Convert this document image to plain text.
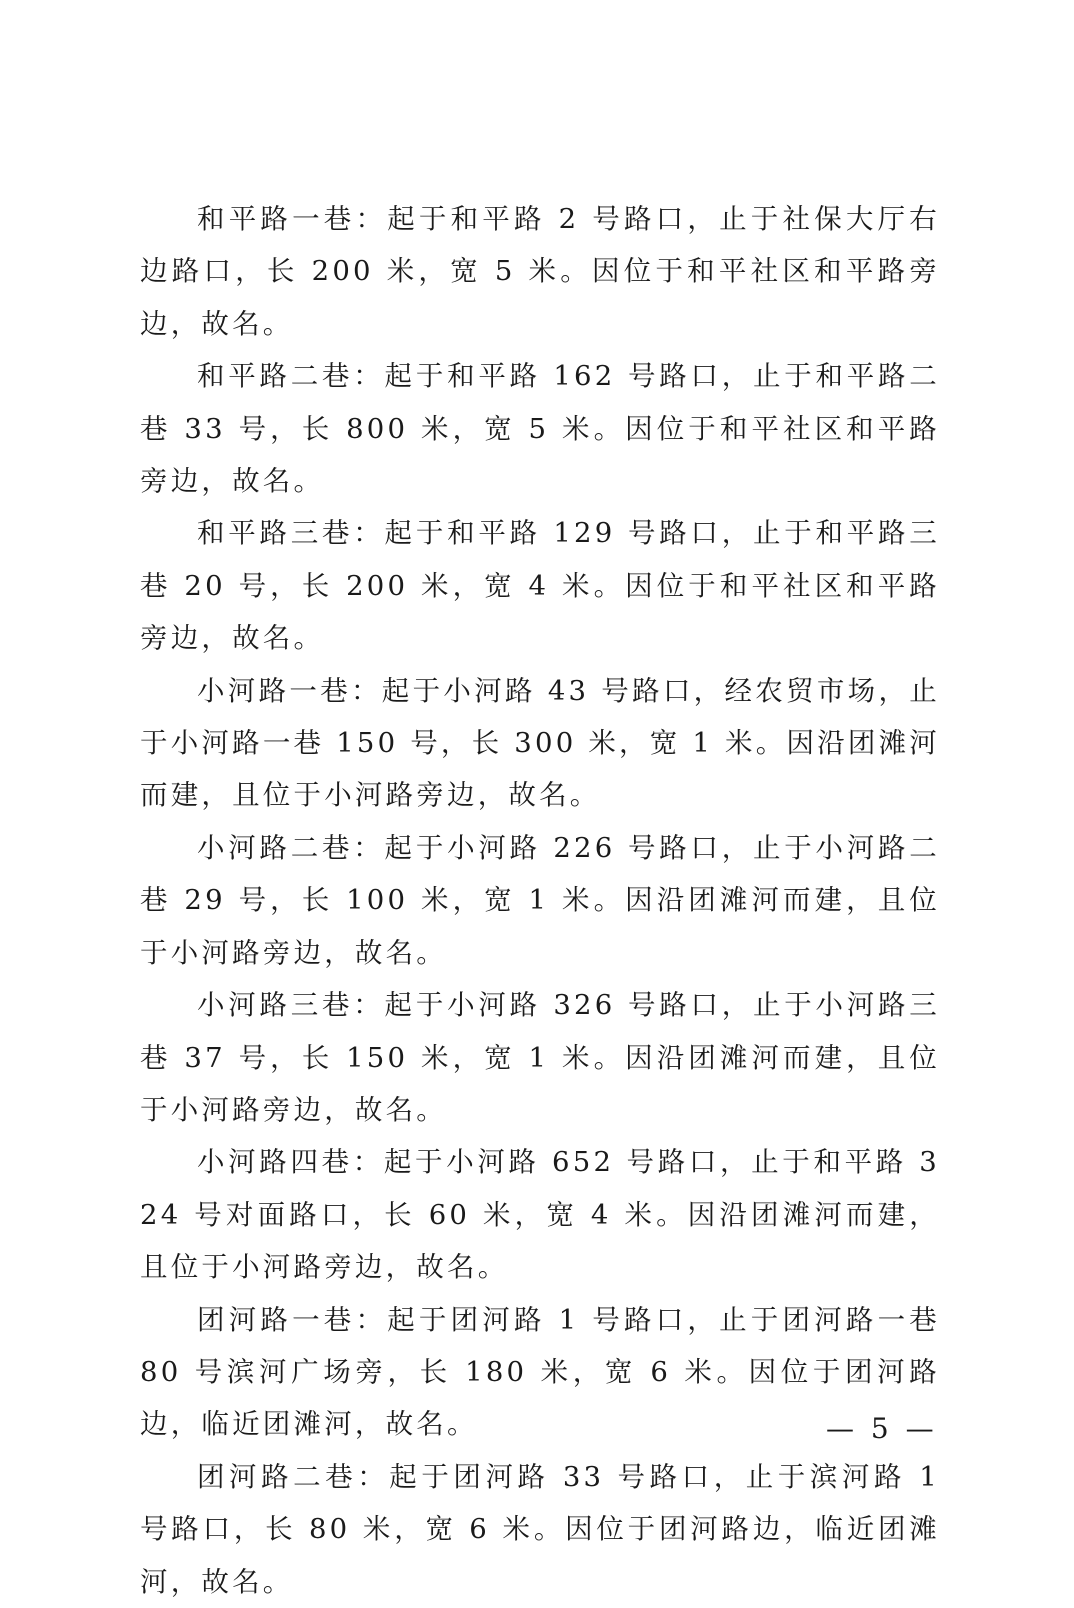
和平路一巷：起于和平路 2 号路口，止于社保大厅右边路口，长 200 米，宽 5 米。因位于和平社区和平路旁边，故名。

和平路二巷：起于和平路 162 号路口，止于和平路二巷 33 号，长 800 米，宽 5 米。因位于和平社区和平路旁边，故名。

和平路三巷：起于和平路 129 号路口，止于和平路三巷 20 号，长 200 米，宽 4 米。因位于和平社区和平路旁边，故名。

小河路一巷：起于小河路 43 号路口，经农贸市场，止于小河路一巷 150 号，长 300 米，宽 1 米。因沿团滩河而建，且位于小河路旁边，故名。

小河路二巷：起于小河路 226 号路口，止于小河路二巷 29 号，长 100 米，宽 1 米。因沿团滩河而建，且位于小河路旁边，故名。

小河路三巷：起于小河路 326 号路口，止于小河路三巷 37 号，长 150 米，宽 1 米。因沿团滩河而建，且位于小河路旁边，故名。

小河路四巷：起于小河路 652 号路口，止于和平路 324 号对面路口，长 60 米，宽 4 米。因沿团滩河而建，且位于小河路旁边，故名。

团河路一巷：起于团河路 1 号路口，止于团河路一巷 80 号滨河广场旁，长 180 米，宽 6 米。因位于团河路边，临近团滩河，故名。

团河路二巷：起于团河路 33 号路口，止于滨河路 1 号路口，长 80 米，宽 6 米。因位于团河路边，临近团滩河，故名。

— 5 —
